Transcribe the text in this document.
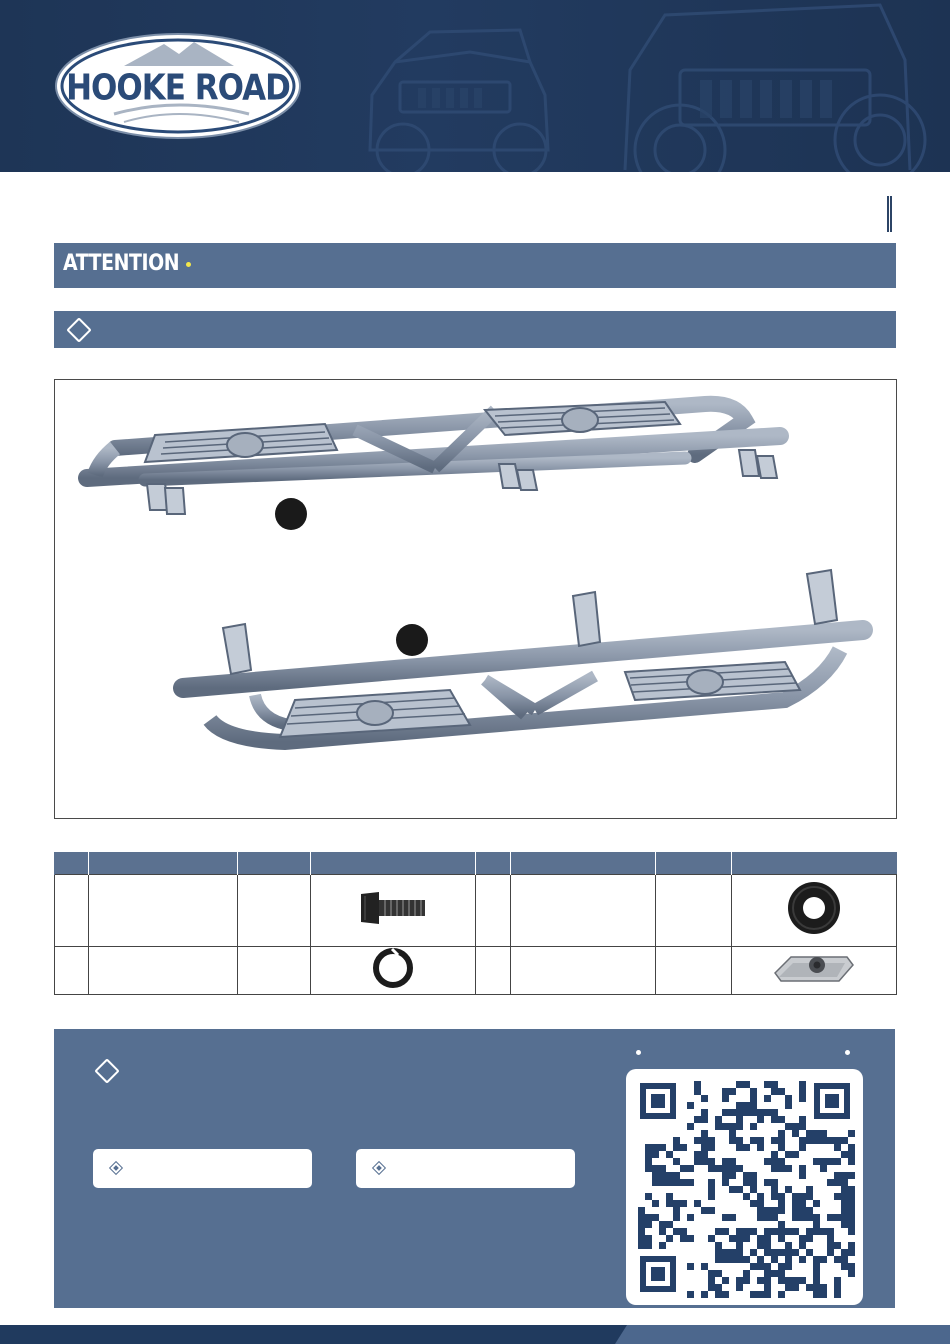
HOOKE ROAD
ATTENTION
